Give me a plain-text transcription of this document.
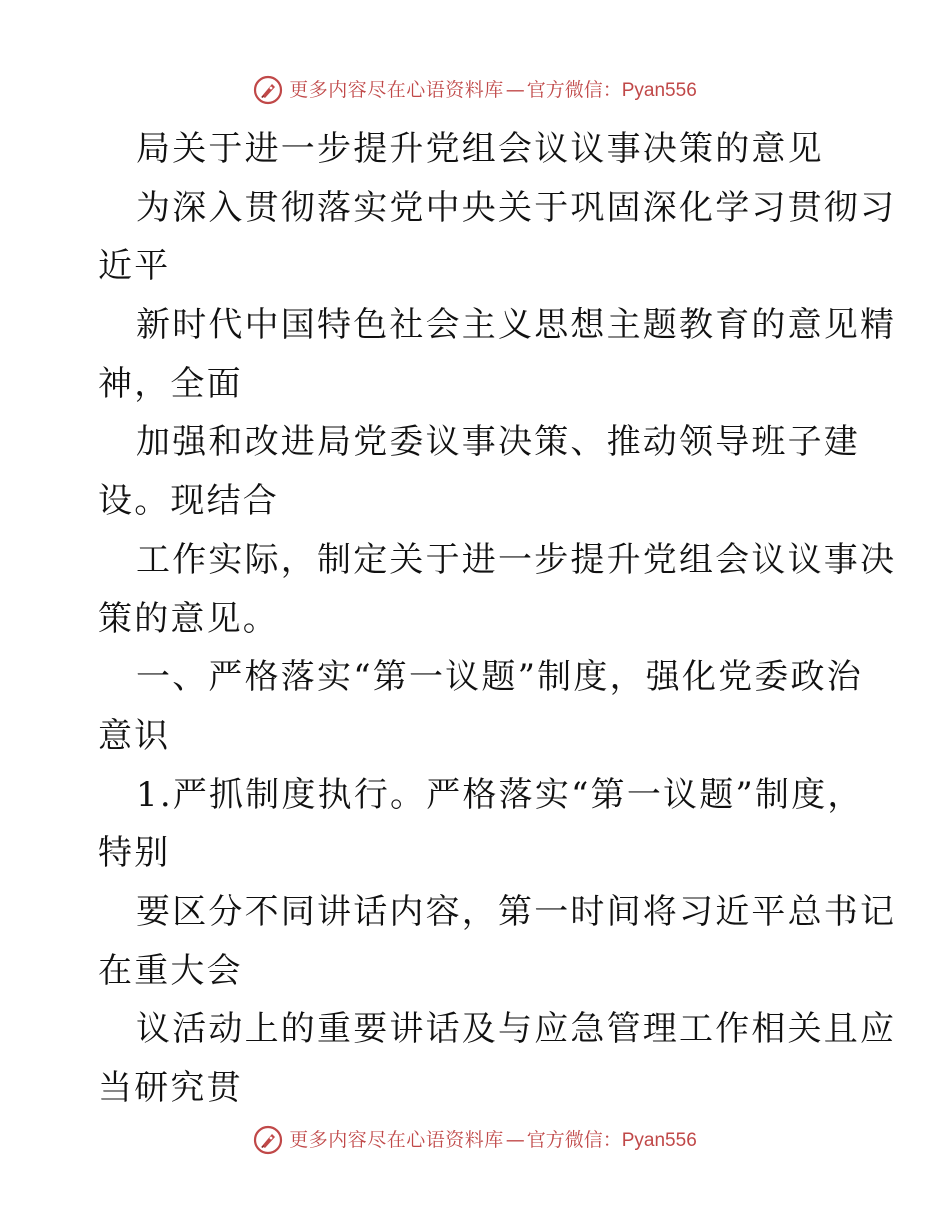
更多内容尽在心语资料库 — 官方微信： Pyan556
局关于进一步提升党组会议议事决策的意见
为深入贯彻落实党中央关于巩固深化学习贯彻习
近平
新时代中国特色社会主义思想主题教育的意见精
神，全面
加强和改进局党委议事决策、推动领导班子建
设。现结合
工作实际，制定关于进一步提升党组会议议事决
策的意见。
一、严格落实“第一议题”制度，强化党委政治
意识
1.严抓制度执行。严格落实“第一议题”制度，
特别
要区分不同讲话内容，第一时间将习近平总书记
在重大会
议活动上的重要讲话及与应急管理工作相关且应
当研究贯
更多内容尽在心语资料库 — 官方微信： Pyan556
